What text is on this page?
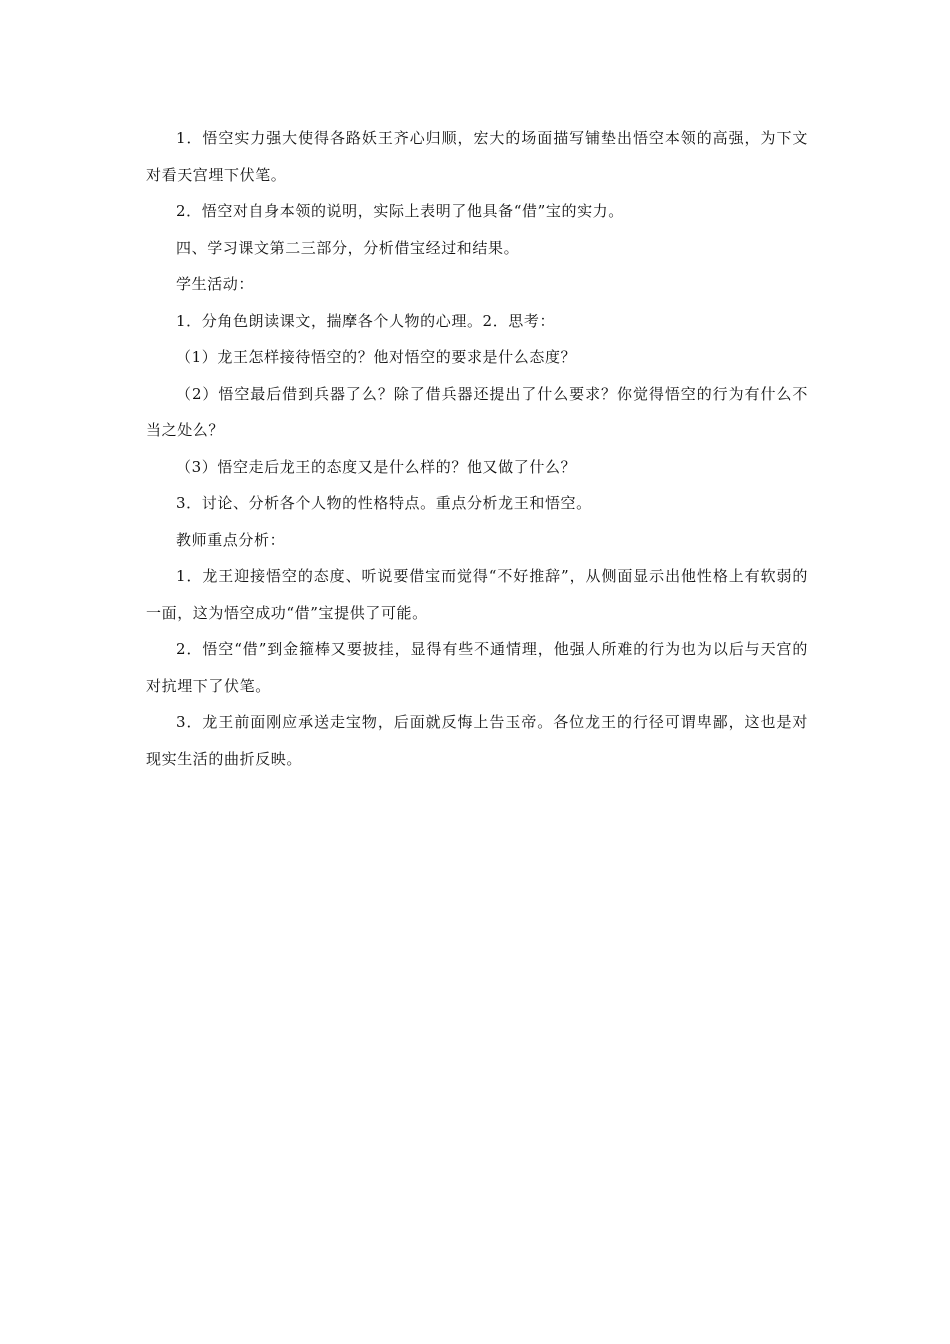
1．悟空实力强大使得各路妖王齐心归顺，宏大的场面描写铺垫出悟空本领的高强，为下文对看天宫埋下伏笔。

2．悟空对自身本领的说明，实际上表明了他具备“借”宝的实力。

四、学习课文第二三部分，分析借宝经过和结果。

学生活动：

1．分角色朗读课文，揣摩各个人物的心理。2．思考：

（1）龙王怎样接待悟空的？他对悟空的要求是什么态度？

（2）悟空最后借到兵器了么？除了借兵器还提出了什么要求？你觉得悟空的行为有什么不当之处么？

（3）悟空走后龙王的态度又是什么样的？他又做了什么？

3．讨论、分析各个人物的性格特点。重点分析龙王和悟空。

教师重点分析：

1．龙王迎接悟空的态度、听说要借宝而觉得“不好推辞”，从侧面显示出他性格上有软弱的一面，这为悟空成功“借”宝提供了可能。

2．悟空“借”到金箍棒又要披挂，显得有些不通情理，他强人所难的行为也为以后与天宫的对抗埋下了伏笔。

3．龙王前面刚应承送走宝物，后面就反悔上告玉帝。各位龙王的行径可谓卑鄙，这也是对现实生活的曲折反映。
